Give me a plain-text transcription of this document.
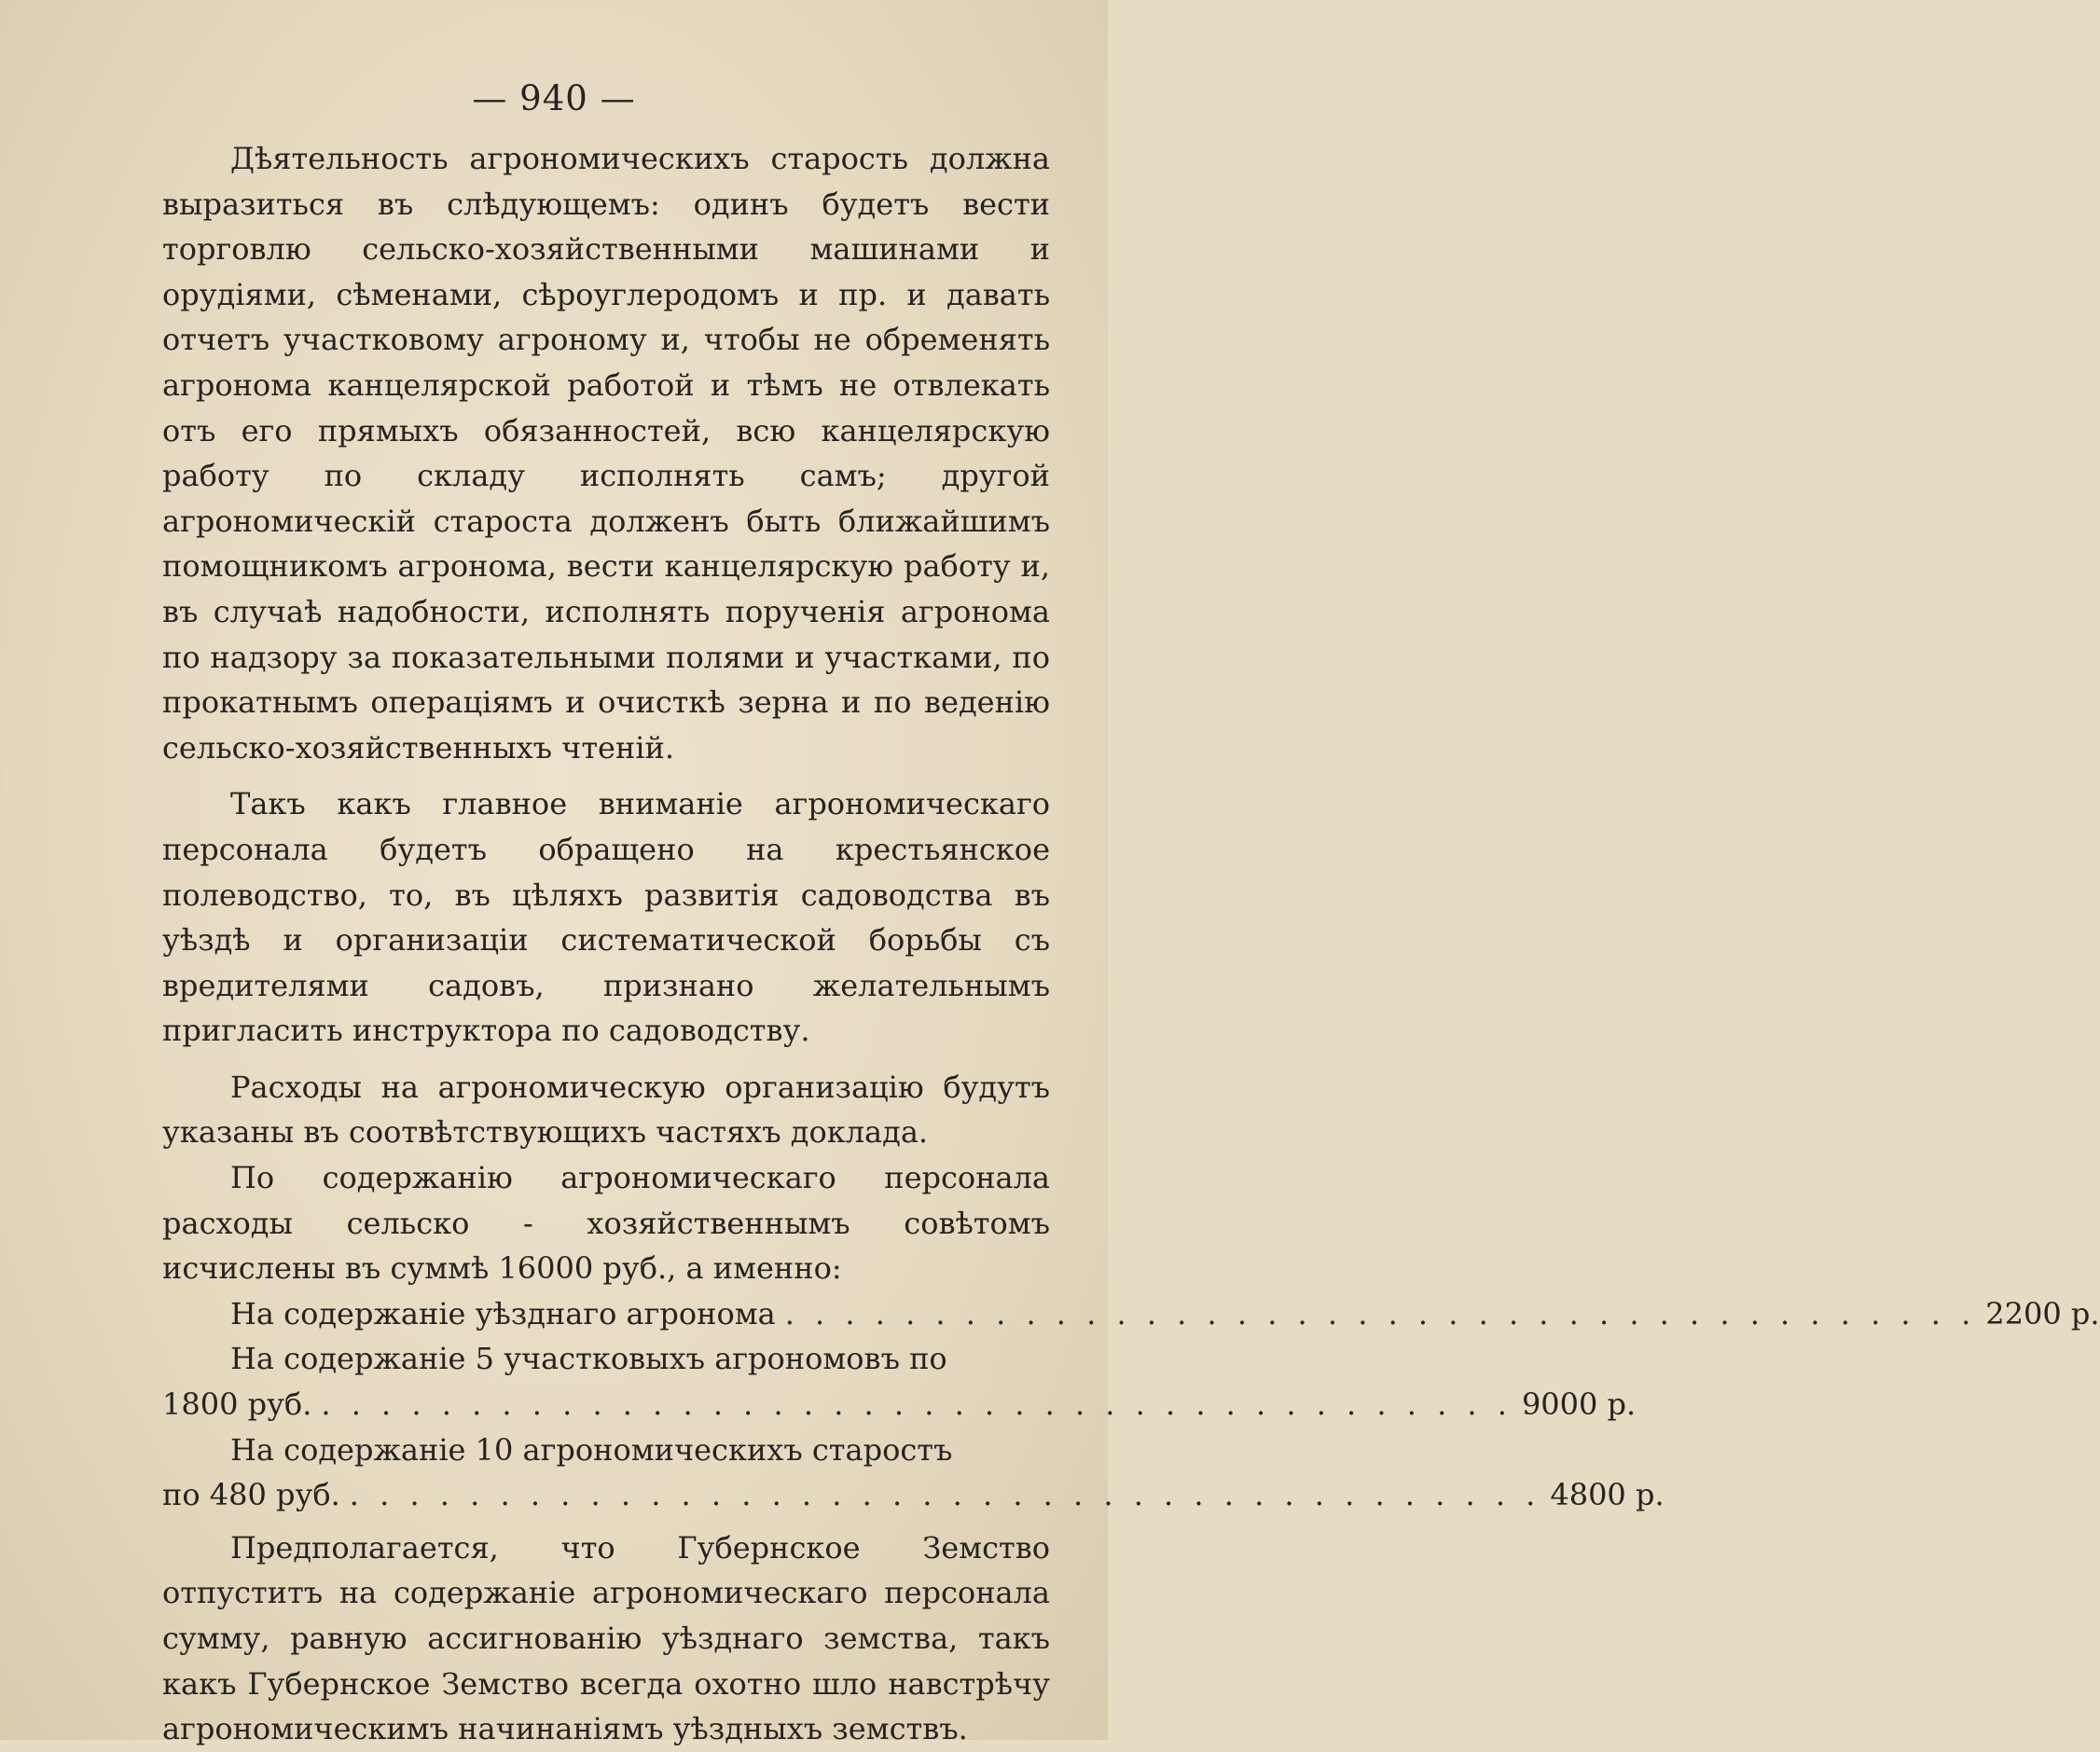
— 940 —

Дѣятельность агрономическихъ старость должна выразиться въ слѣдующемъ: одинъ будетъ вести торговлю сельско-хозяйственными машинами и орудіями, сѣменами, сѣроуглеродомъ и пр. и давать отчетъ участковому агроному и, чтобы не обременять агронома канцелярской работой и тѣмъ не отвлекать отъ его прямыхъ обязанностей, всю канцелярскую работу по складу исполнять самъ; другой агрономическій староста долженъ быть ближайшимъ помощникомъ агронома, вести канцелярскую работу и, въ случаѣ надобности, исполнять порученія агронома по надзору за показательными полями и участками, по прокатнымъ операціямъ и очисткѣ зерна и по веденію сельско-хозяйственныхъ чтеній.

Такъ какъ главное вниманіе агрономическаго персонала будетъ обращено на крестьянское полеводство, то, въ цѣляхъ развитія садоводства въ уѣздѣ и организаціи систематической борьбы съ вредителями садовъ, признано желательнымъ пригласить инструктора по садоводству.

Расходы на агрономическую организацію будутъ указаны въ соотвѣтствующихъ частяхъ доклада.

По содержанію агрономическаго персонала расходы сельско - хозяйственнымъ совѣтомъ исчислены въ суммѣ 16000 руб., а именно:

На содержаніе уѣзднаго агронома . . . . . . . . . . . . . . . . . . . . . . . . . . . . . . . . . . . . . . . . 2200 р.
На содержаніе 5 участковыхъ агрономовъ по
1800 руб. . . . . . . . . . . . . . . . . . . . . . . . . . . . . . . . . . . . . . . . . 9000 р.
На содержаніе 10 агрономическихъ старостъ
по 480 руб. . . . . . . . . . . . . . . . . . . . . . . . . . . . . . . . . . . . . . . . . 4800 р.

Предполагается, что Губернское Земство отпуститъ на содержаніе агрономическаго персонала сумму, равную ассигнованію уѣзднаго земства, такъ какъ Губернское Земство всегда охотно шло навстрѣчу агрономическимъ начинаніямъ уѣздныхъ земствъ.
